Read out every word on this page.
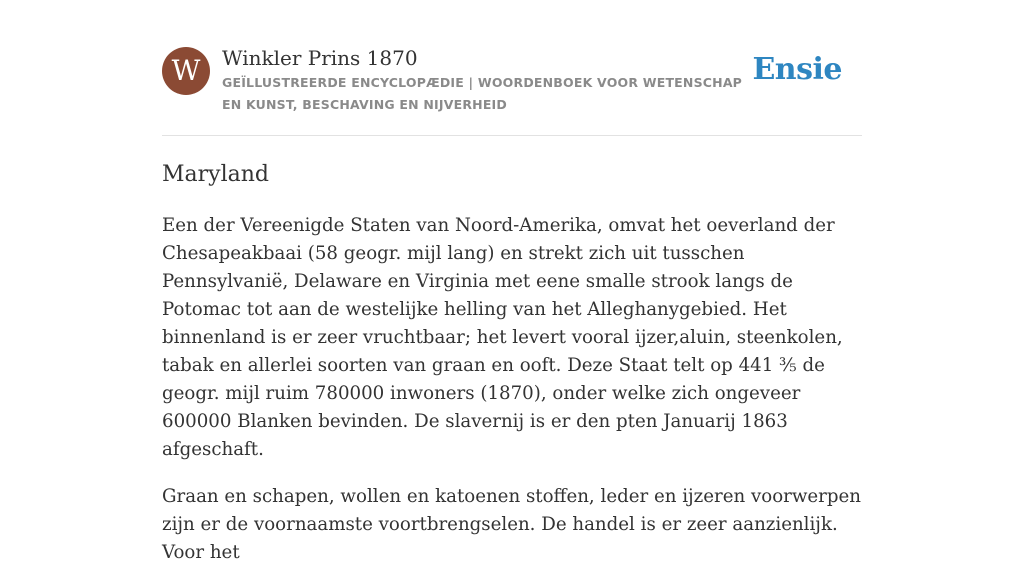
W	Winkler Prins 1870
GEÏLLUSTREERDE ENCYCLOPÆDIE | WOORDENBOEK VOOR WETENSCHAP EN KUNST, BESCHAVING EN NIJVERHEID
Ensie
Maryland

Een der Vereenigde Staten van Noord-Amerika, omvat het oeverland der Chesapeakbaai (58 geogr. mijl lang) en strekt zich uit tusschen Pennsylvanië, Delaware en Virginia met eene smalle strook langs de Potomac tot aan de westelijke helling van het Alleghanygebied. Het binnenland is er zeer vruchtbaar; het levert vooral ijzer,aluin, steenkolen, tabak en allerlei soorten van graan en ooft. Deze Staat telt op 441 ⅗ de geogr. mijl ruim 780000 inwoners (1870), onder welke zich ongeveer 600000 Blanken bevinden. De slavernij is er den pten Januarij 1863 afgeschaft.

Graan en schapen, wollen en katoenen stoffen, leder en ijzeren voorwerpen zijn er de voornaamste voortbrengselen. De handel is er zeer aanzienlijk. Voor het
